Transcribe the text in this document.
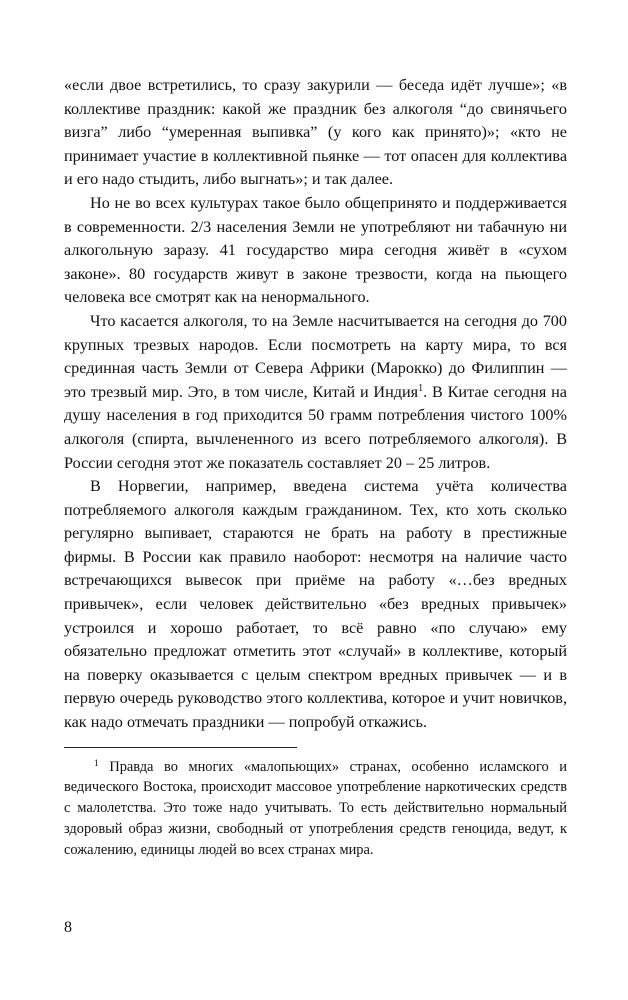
«если двое встретились, то сразу закурили — беседа идёт лучше»; «в коллективе праздник: какой же праздник без алкоголя “до свинячьего визга” либо “умеренная выпивка” (у кого как принято)»; «кто не принимает участие в коллективной пьянке — тот опасен для коллектива и его надо стыдить, либо выгнать»; и так далее.

Но не во всех культурах такое было общепринято и поддерживается в современности. 2/3 населения Земли не употребляют ни табачную ни алкогольную заразу. 41 государство мира сегодня живёт в «сухом законе». 80 государств живут в законе трезвости, когда на пьющего человека все смотрят как на ненормального.

Что касается алкоголя, то на Земле насчитывается на сегодня до 700 крупных трезвых народов. Если посмотреть на карту мира, то вся срединная часть Земли от Севера Африки (Марокко) до Филиппин — это трезвый мир. Это, в том числе, Китай и Индия$^1$. В Китае сегодня на душу населения в год приходится 50 грамм потребления чистого 100% алкоголя (спирта, вычлененного из всего потребляемого алкоголя). В России сегодня этот же показатель составляет 20 – 25 литров.

В Норвегии, например, введена система учёта количества потребляемого алкоголя каждым гражданином. Тех, кто хоть сколько регулярно выпивает, стараются не брать на работу в престижные фирмы. В России как правило наоборот: несмотря на наличие часто встречающихся вывесок при приёме на работу «…без вредных привычек», если человек действительно «без вредных привычек» устроился и хорошо работает, то всё равно «по случаю» ему обязательно предложат отметить этот «случай» в коллективе, который на поверку оказывается с целым спектром вредных привычек — и в первую очередь руководство этого коллектива, которое и учит новичков, как надо отмечать праздники — попробуй откажись.

$^1$ Правда во многих «малопьющих» странах, особенно исламского и ведического Востока, происходит массовое употребление наркотических средств с малолетства. Это тоже надо учитывать. То есть действительно нормальный здоровый образ жизни, свободный от употребления средств геноцида, ведут, к сожалению, единицы людей во всех странах мира.

8
